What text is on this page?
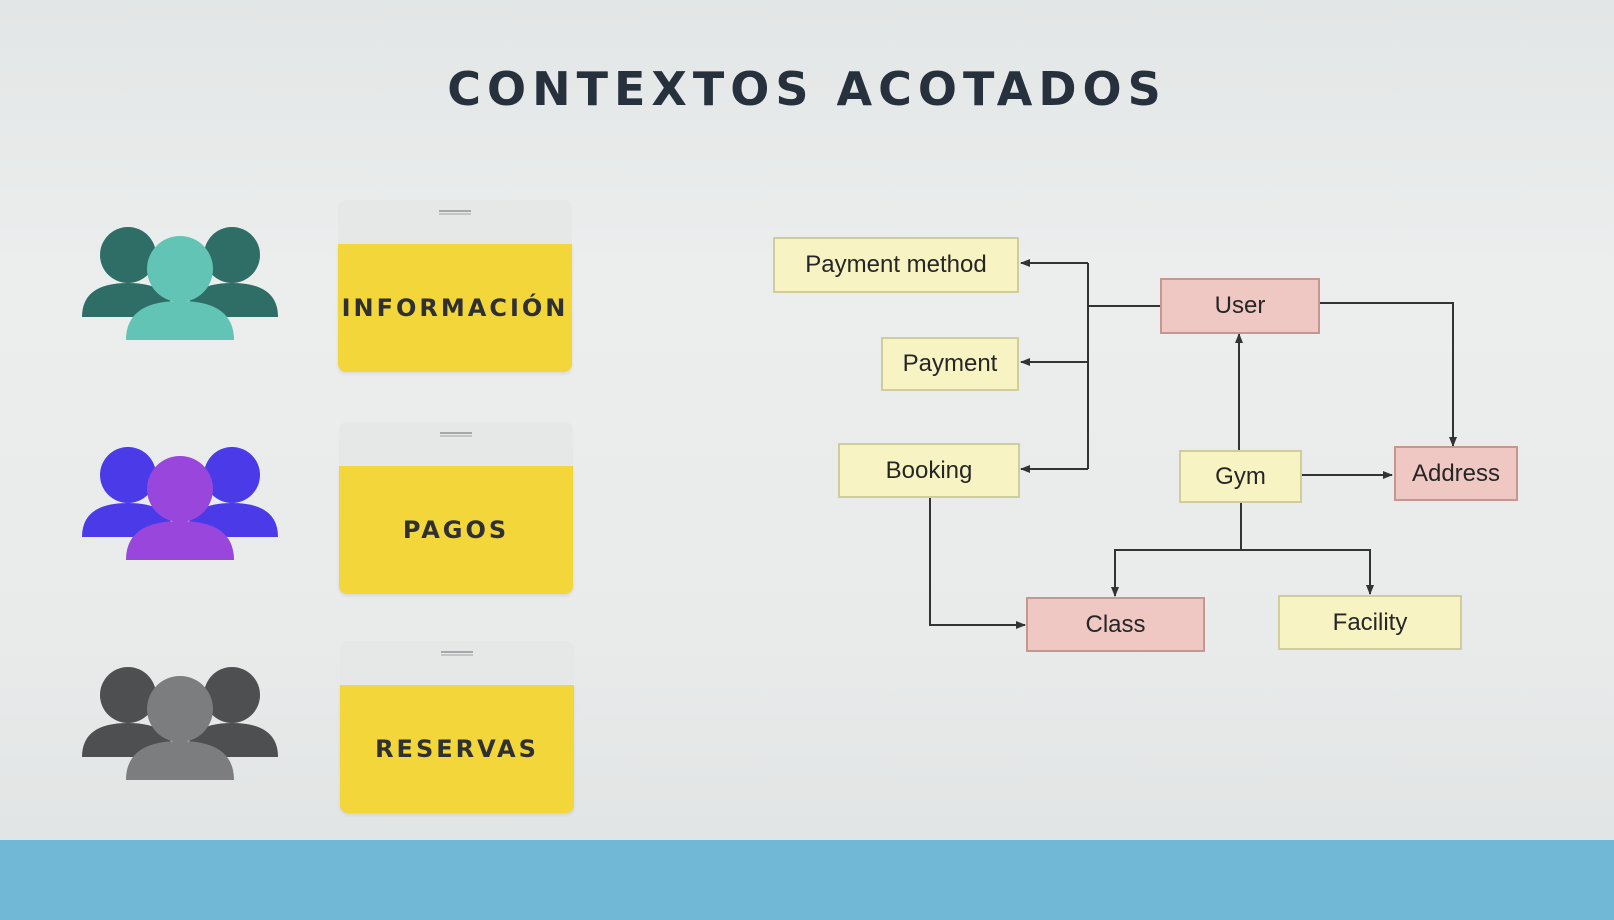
CONTEXTOS ACOTADOS
INFORMACIÓN
PAGOS
RESERVAS
Payment method
Payment
Booking
User
Gym	Address
Class	Facility
